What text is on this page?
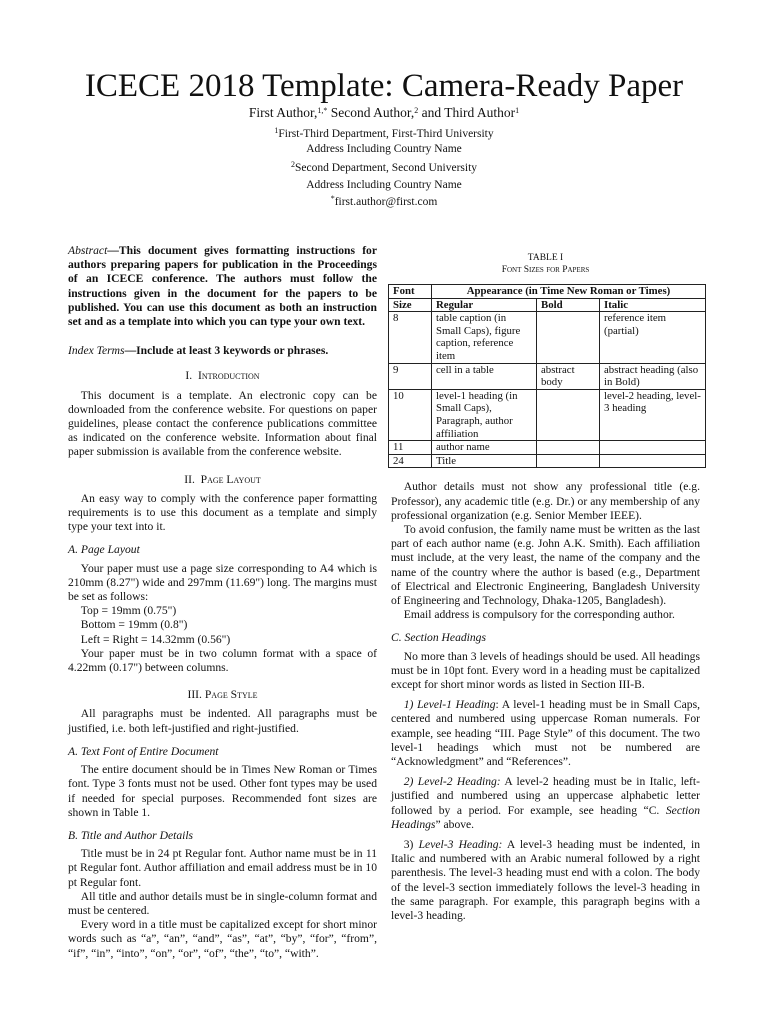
ICECE 2018 Template: Camera-Ready Paper
First Author,$^{1,*}$ Second Author,$^2$ and Third Author$^1$
$^1$First-Third Department, First-Third University
Address Including Country Name
$^2$Second Department, Second University
Address Including Country Name
*first.author@first.com

Abstract—This document gives formatting instructions for authors preparing papers for publication in the Proceedings of an ICECE conference. The authors must follow the instructions given in the document for the papers to be published. You can use this document as both an instruction set and as a template into which you can type your own text.

Index Terms—Include at least 3 keywords or phrases.

I. Introduction

This document is a template. An electronic copy can be downloaded from the conference website. For questions on paper guidelines, please contact the conference publications committee as indicated on the conference website. Information about final paper submission is available from the conference website.

II. Page Layout

An easy way to comply with the conference paper formatting requirements is to use this document as a template and simply type your text into it.

A. Page Layout

Your paper must use a page size corresponding to A4 which is 210mm (8.27") wide and 297mm (11.69") long. The margins must be set as follows:

Top = 19mm (0.75")
Bottom = 19mm (0.8")
Left = Right = 14.32mm (0.56")

Your paper must be in two column format with a space of 4.22mm (0.17") between columns.

III. Page Style

All paragraphs must be indented. All paragraphs must be justified, i.e. both left-justified and right-justified.

A. Text Font of Entire Document

The entire document should be in Times New Roman or Times font. Type 3 fonts must not be used. Other font types may be used if needed for special purposes. Recommended font sizes are shown in Table 1.

B. Title and Author Details

Title must be in 24 pt Regular font. Author name must be in 11 pt Regular font. Author affiliation and email address must be in 10 pt Regular font.

All title and author details must be in single-column format and must be centered.

Every word in a title must be capitalized except for short minor words such as “a”, “an”, “and”, “as”, “at”, “by”, “for”, “from”, “if”, “in”, “into”, “on”, “or”, “of”, “the”, “to”, “with”.

TABLE I
Font Sizes for Papers
Font	Appearance (in Time New Roman or Times)		
Size	Regular	Bold	Italic
8	table caption (in Small Caps), figure caption, reference item		reference item (partial)
9	cell in a table	abstract body	abstract heading (also in Bold)
10	level-1 heading (in Small Caps), Paragraph, author affiliation		level-2 heading, level-3 heading
11	author name		
24	Title		

Author details must not show any professional title (e.g. Professor), any academic title (e.g. Dr.) or any membership of any professional organization (e.g. Senior Member IEEE).

To avoid confusion, the family name must be written as the last part of each author name (e.g. John A.K. Smith). Each affiliation must include, at the very least, the name of the company and the name of the country where the author is based (e.g., Department of Electrical and Electronic Engineering, Bangladesh University of Engineering and Technology, Dhaka-1205, Bangladesh).

Email address is compulsory for the corresponding author.

C. Section Headings

No more than 3 levels of headings should be used. All headings must be in 10pt font. Every word in a heading must be capitalized except for short minor words as listed in Section III-B.

1) Level-1 Heading: A level-1 heading must be in Small Caps, centered and numbered using uppercase Roman numerals. For example, see heading “III. Page Style” of this document. The two level-1 headings which must not be numbered are “Acknowledgment” and “References”.

2) Level-2 Heading: A level-2 heading must be in Italic, left-justified and numbered using an uppercase alphabetic letter followed by a period. For example, see heading “C. Section Headings” above.

3) Level-3 Heading: A level-3 heading must be indented, in Italic and numbered with an Arabic numeral followed by a right parenthesis. The level-3 heading must end with a colon. The body of the level-3 section immediately follows the level-3 heading in the same paragraph. For example, this paragraph begins with a level-3 heading.
